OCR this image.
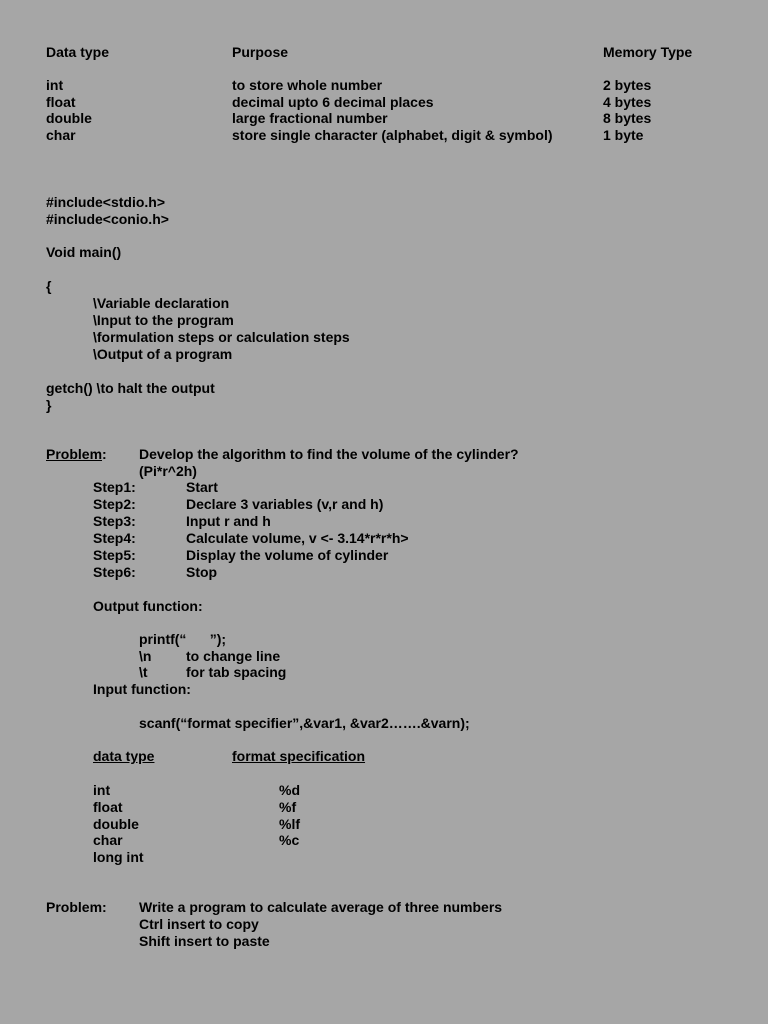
Data type	Purpose	Memory Type
int	to store whole number	2 bytes
float	decimal upto 6 decimal places	4 bytes
double	large fractional number	8 bytes
char	store single character (alphabet, digit & symbol)	1 byte
#include<stdio.h>
#include<conio.h>
Void main()
{
\Variable declaration
\Input to the program
\formulation steps or calculation steps
\Output of a program
getch() \to halt the output
}
Problem: Develop the algorithm to find the volume of the cylinder?
(Pi*r^2h)
Step1:	Start
Step2:	Declare 3 variables (v,r and h)
Step3:	Input r and h
Step4:	Calculate volume, v <- 3.14*r*r*h>
Step5:	Display the volume of cylinder
Step6:	Stop
Output function:
printf(“      ”);
\n to change line
\t	for tab spacing
Input function:
scanf(“format specifier”,&var1, &var2…….&varn);
data type	format specification
int	%d
float	%f
double	%lf
char	%c
long int
Problem: Write a program to calculate average of three numbers
Ctrl insert to copy
Shift insert to paste
